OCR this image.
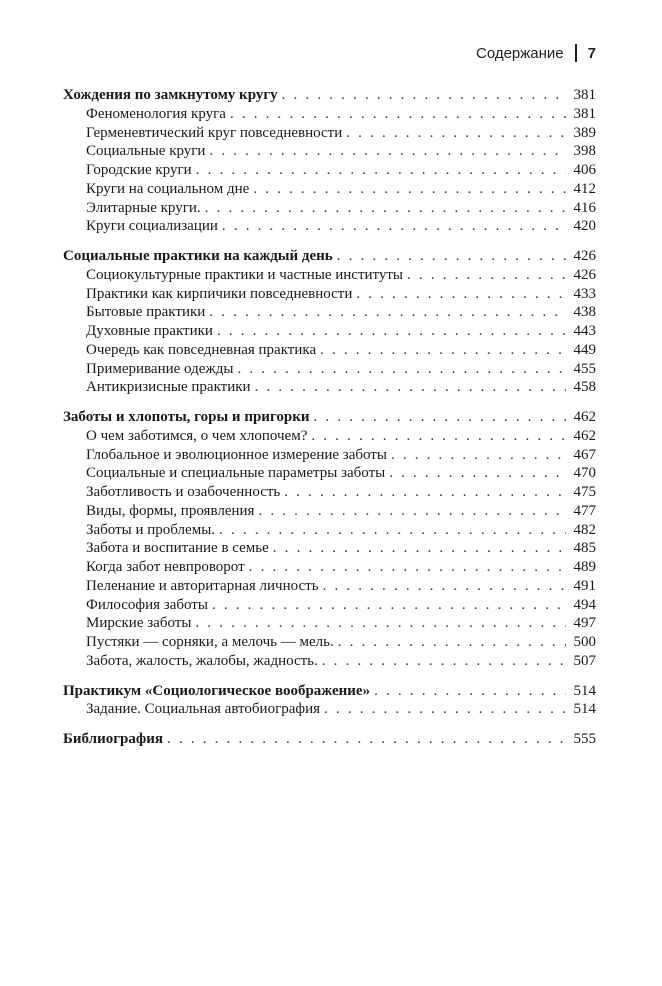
Содержание 7
Хождения по замкнутому кругу . . .	381
Феноменология круга . . .	381
Герменевтический круг повседневности . . .	389
Социальные круги . . .	398
Городские круги . . .	406
Круги на социальном дне . . .	412
Элитарные круги. . . .	416
Круги социализации . . .	420
Социальные практики на каждый день . . .	426
Социокультурные практики и частные институты . . .	426
Практики как кирпичики повседневности . . .	433
Бытовые практики . . .	438
Духовные практики . . .	443
Очередь как повседневная практика . . .	449
Примеривание одежды . . .	455
Антикризисные практики . . .	458
Заботы и хлопоты, горы и пригорки . . .	462
О чем заботимся, о чем хлопочем? . . .	462
Глобальное и эволюционное измерение заботы . . .	467
Социальные и специальные параметры заботы . . .	470
Заботливость и озабоченность . . .	475
Виды, формы, проявления . . .	477
Заботы и проблемы. . . .	482
Забота и воспитание в семье . . .	485
Когда забот невпроворот . . .	489
Пеленание и авторитарная личность . . .	491
Философия заботы . . .	494
Мирские заботы . . .	497
Пустяки — сорняки, а мелочь — мель. . . .	500
Забота, жалость, жалобы, жадность. . . .	507
Практикум «Социологическое воображение» . . .	514
Задание. Социальная автобиография . . .	514
Библиография . . .	555
